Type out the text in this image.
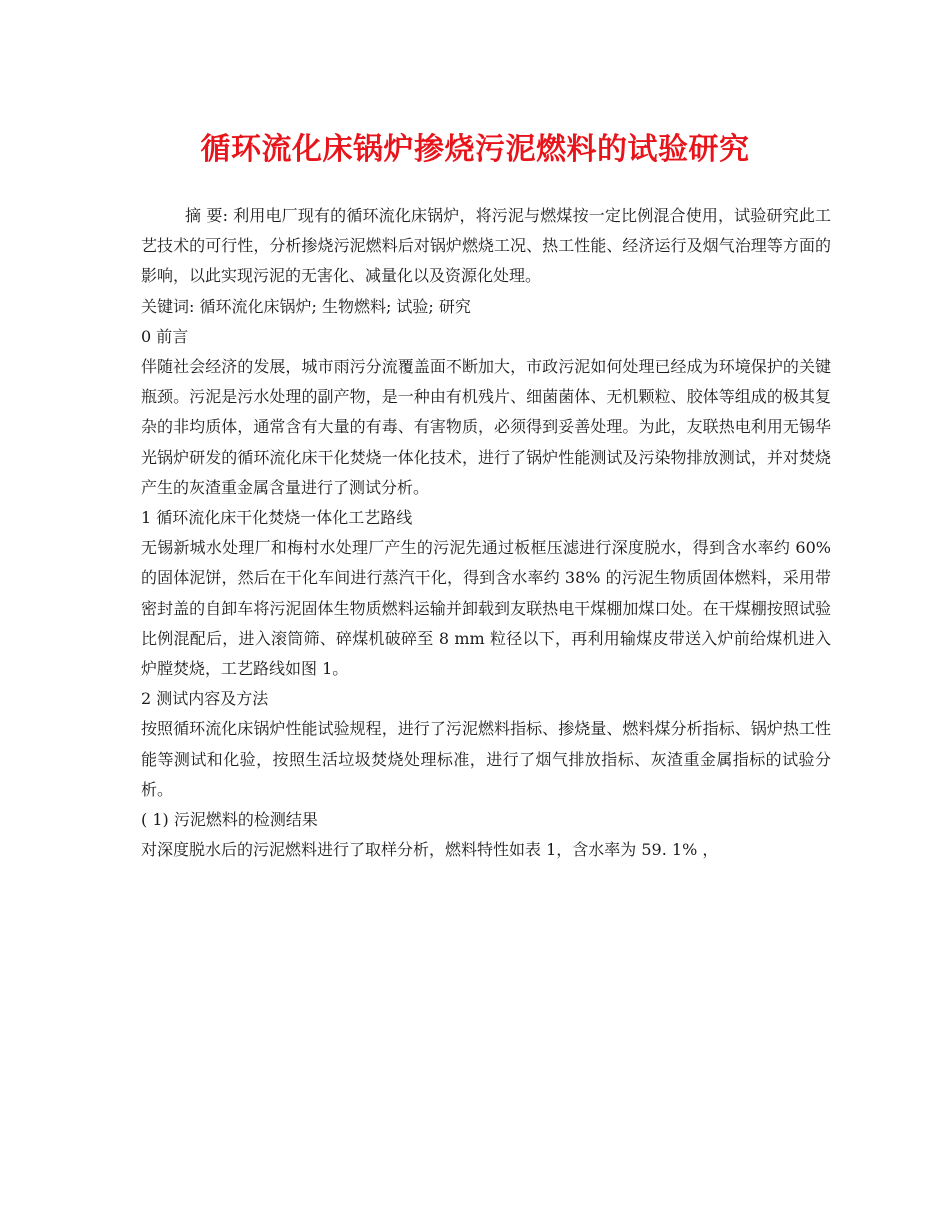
循环流化床锅炉掺烧污泥燃料的试验研究

摘 要: 利用电厂现有的循环流化床锅炉，将污泥与燃煤按一定比例混合使用，试验研究此工艺技术的可行性，分析掺烧污泥燃料后对锅炉燃烧工况、热工性能、经济运行及烟气治理等方面的影响，以此实现污泥的无害化、减量化以及资源化处理。

关键词: 循环流化床锅炉; 生物燃料; 试验; 研究

0 前言

伴随社会经济的发展，城市雨污分流覆盖面不断加大，市政污泥如何处理已经成为环境保护的关键瓶颈。污泥是污水处理的副产物，是一种由有机残片、细菌菌体、无机颗粒、胶体等组成的极其复杂的非均质体，通常含有大量的有毒、有害物质，必须得到妥善处理。为此，友联热电利用无锡华光锅炉研发的循环流化床干化焚烧一体化技术，进行了锅炉性能测试及污染物排放测试，并对焚烧产生的灰渣重金属含量进行了测试分析。

1 循环流化床干化焚烧一体化工艺路线

无锡新城水处理厂和梅村水处理厂产生的污泥先通过板框压滤进行深度脱水，得到含水率约 60%的固体泥饼，然后在干化车间进行蒸汽干化，得到含水率约 38% 的污泥生物质固体燃料，采用带密封盖的自卸车将污泥固体生物质燃料运输并卸载到友联热电干煤棚加煤口处。在干煤棚按照试验比例混配后，进入滚筒筛、碎煤机破碎至 8 mm 粒径以下，再利用输煤皮带送入炉前给煤机进入炉膛焚烧，工艺路线如图 1。

2 测试内容及方法

按照循环流化床锅炉性能试验规程，进行了污泥燃料指标、掺烧量、燃料煤分析指标、锅炉热工性能等测试和化验，按照生活垃圾焚烧处理标准，进行了烟气排放指标、灰渣重金属指标的试验分析。

( 1) 污泥燃料的检测结果

对深度脱水后的污泥燃料进行了取样分析，燃料特性如表 1，含水率为 59. 1% ，
